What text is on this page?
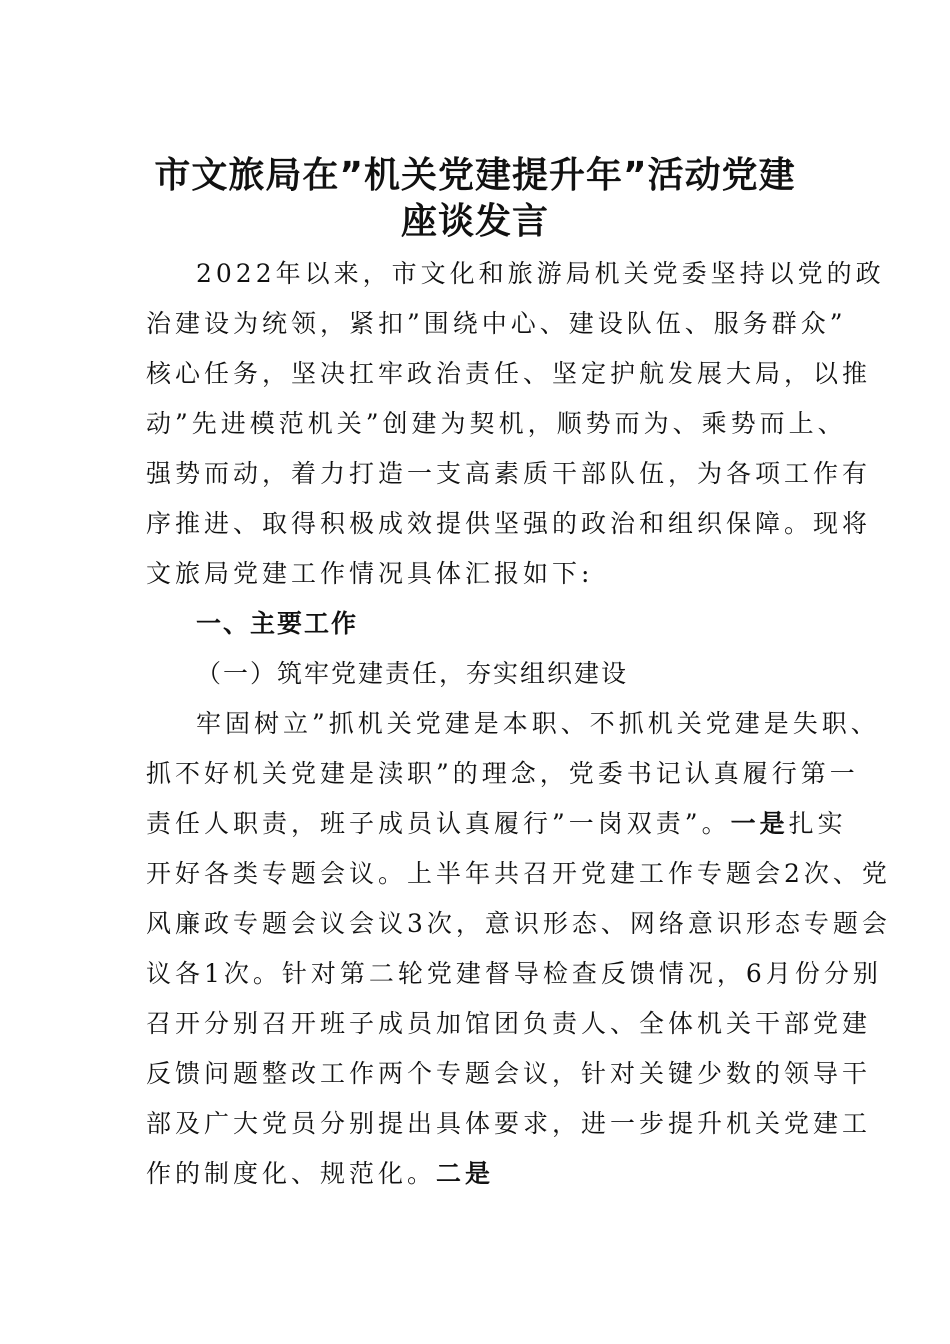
市文旅局在”机关党建提升年”活动党建
座谈发言

2022年以来，市文化和旅游局机关党委坚持以党的政

治建设为统领，紧扣”围绕中心、建设队伍、服务群众”

核心任务，坚决扛牢政治责任、坚定护航发展大局，以推

动”先进模范机关”创建为契机，顺势而为、乘势而上、

强势而动，着力打造一支高素质干部队伍，为各项工作有

序推进、取得积极成效提供坚强的政治和组织保障。现将

文旅局党建工作情况具体汇报如下:

一、主要工作

（一）筑牢党建责任，夯实组织建设

牢固树立”抓机关党建是本职、不抓机关党建是失职、

抓不好机关党建是渎职”的理念，党委书记认真履行第一

责任人职责，班子成员认真履行”一岗双责”。一是扎实

开好各类专题会议。上半年共召开党建工作专题会2次、党

风廉政专题会议会议3次，意识形态、网络意识形态专题会

议各1次。针对第二轮党建督导检查反馈情况，6月份分别

召开分别召开班子成员加馆团负责人、全体机关干部党建

反馈问题整改工作两个专题会议，针对关键少数的领导干

部及广大党员分别提出具体要求，进一步提升机关党建工

作的制度化、规范化。二是
